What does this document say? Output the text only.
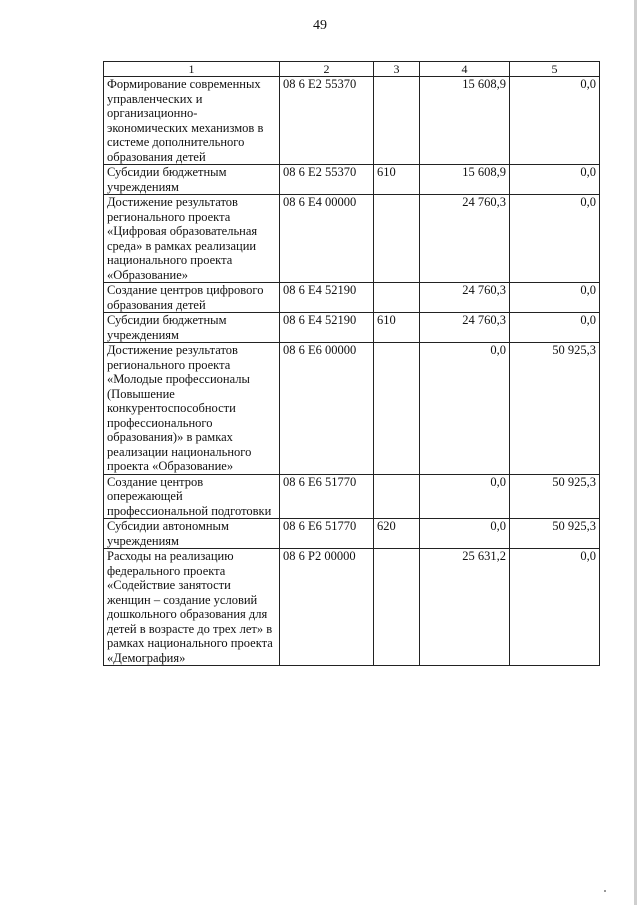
49
1	2	3	4	5
Формирование современных управленческих и организационно-экономических механизмов в системе дополнительного образования детей	08 6 E2 55370		15 608,9	0,0
Субсидии бюджетным учреждениям	08 6 E2 55370	610	15 608,9	0,0
Достижение результатов регионального проекта «Цифровая образовательная среда» в рамках реализации национального проекта «Образование»	08 6 E4 00000		24 760,3	0,0
Создание центров цифрового образования детей	08 6 E4 52190		24 760,3	0,0
Субсидии бюджетным учреждениям	08 6 E4 52190	610	24 760,3	0,0
Достижение результатов регионального проекта «Молодые профессионалы (Повышение конкурентоспособности профессионального образования)» в рамках реализации национального проекта «Образование»	08 6 E6 00000		0,0	50 925,3
Создание центров опережающей профессиональной подготовки	08 6 E6 51770		0,0	50 925,3
Субсидии автономным учреждениям	08 6 E6 51770	620	0,0	50 925,3
Расходы на реализацию федерального проекта «Содействие занятости женщин – создание условий дошкольного образования для детей в возрасте до трех лет» в рамках национального проекта «Демография»	08 6 P2 00000		25 631,2	0,0
